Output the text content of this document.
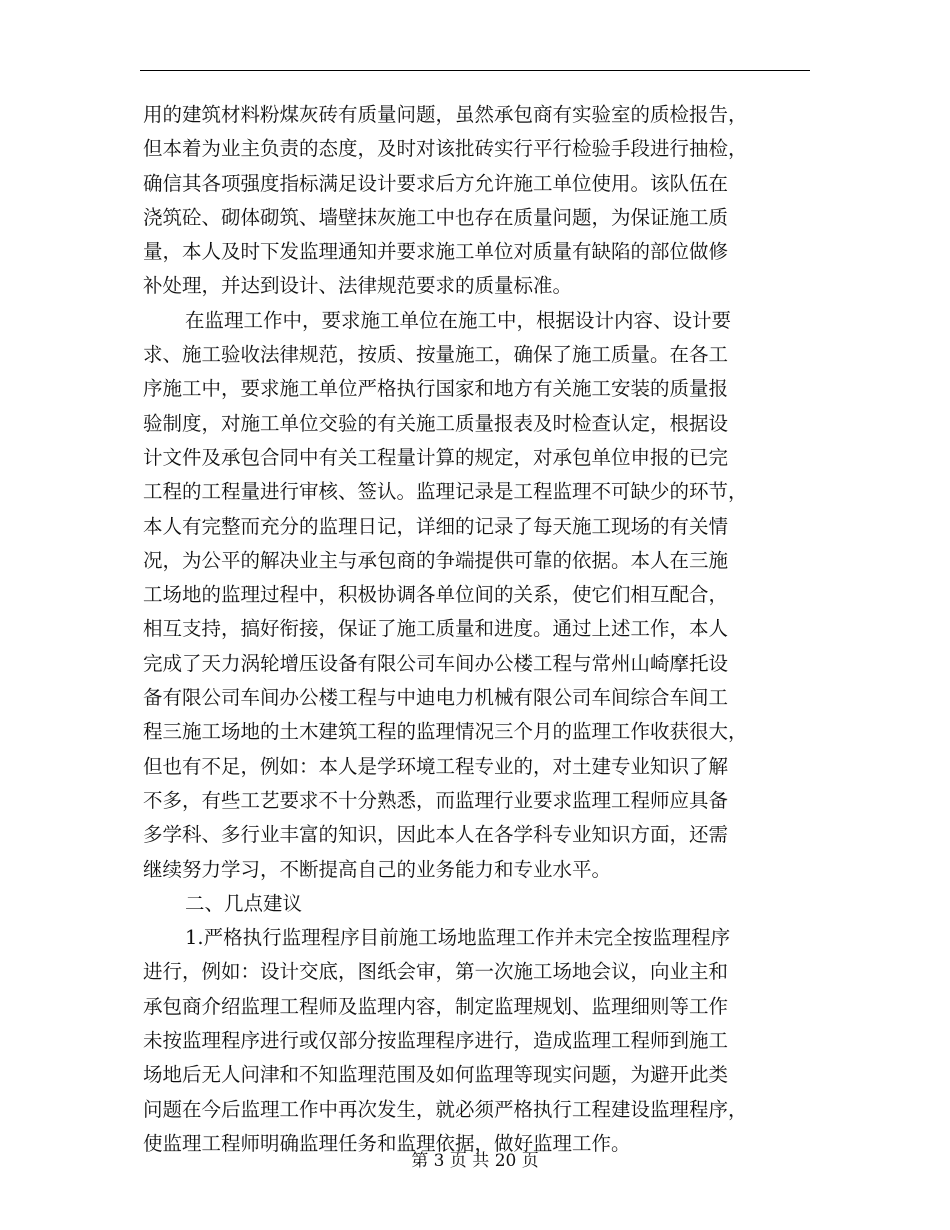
用的建筑材料粉煤灰砖有质量问题，虽然承包商有实验室的质检报告，
但本着为业主负责的态度，及时对该批砖实行平行检验手段进行抽检，
确信其各项强度指标满足设计要求后方允许施工单位使用。该队伍在
浇筑砼、砌体砌筑、墙壁抹灰施工中也存在质量问题，为保证施工质
量，本人及时下发监理通知并要求施工单位对质量有缺陷的部位做修
补处理，并达到设计、法律规范要求的质量标准。
在监理工作中，要求施工单位在施工中，根据设计内容、设计要
求、施工验收法律规范，按质、按量施工，确保了施工质量。在各工
序施工中，要求施工单位严格执行国家和地方有关施工安装的质量报
验制度，对施工单位交验的有关施工质量报表及时检查认定，根据设
计文件及承包合同中有关工程量计算的规定，对承包单位申报的已完
工程的工程量进行审核、签认。监理记录是工程监理不可缺少的环节，
本人有完整而充分的监理日记，详细的记录了每天施工现场的有关情
况，为公平的解决业主与承包商的争端提供可靠的依据。本人在三施
工场地的监理过程中，积极协调各单位间的关系，使它们相互配合，
相互支持，搞好衔接，保证了施工质量和进度。通过上述工作，本人
完成了天力涡轮增压设备有限公司车间办公楼工程与常州山崎摩托设
备有限公司车间办公楼工程与中迪电力机械有限公司车间综合车间工
程三施工场地的土木建筑工程的监理情况三个月的监理工作收获很大，
但也有不足，例如：本人是学环境工程专业的，对土建专业知识了解
不多，有些工艺要求不十分熟悉，而监理行业要求监理工程师应具备
多学科、多行业丰富的知识，因此本人在各学科专业知识方面，还需
继续努力学习，不断提高自己的业务能力和专业水平。
二、几点建议
1.严格执行监理程序目前施工场地监理工作并未完全按监理程序
进行，例如：设计交底，图纸会审，第一次施工场地会议，向业主和
承包商介绍监理工程师及监理内容，制定监理规划、监理细则等工作
未按监理程序进行或仅部分按监理程序进行，造成监理工程师到施工
场地后无人问津和不知监理范围及如何监理等现实问题，为避开此类
问题在今后监理工作中再次发生，就必须严格执行工程建设监理程序，
使监理工程师明确监理任务和监理依据，做好监理工作。
第 3 页 共 20 页
